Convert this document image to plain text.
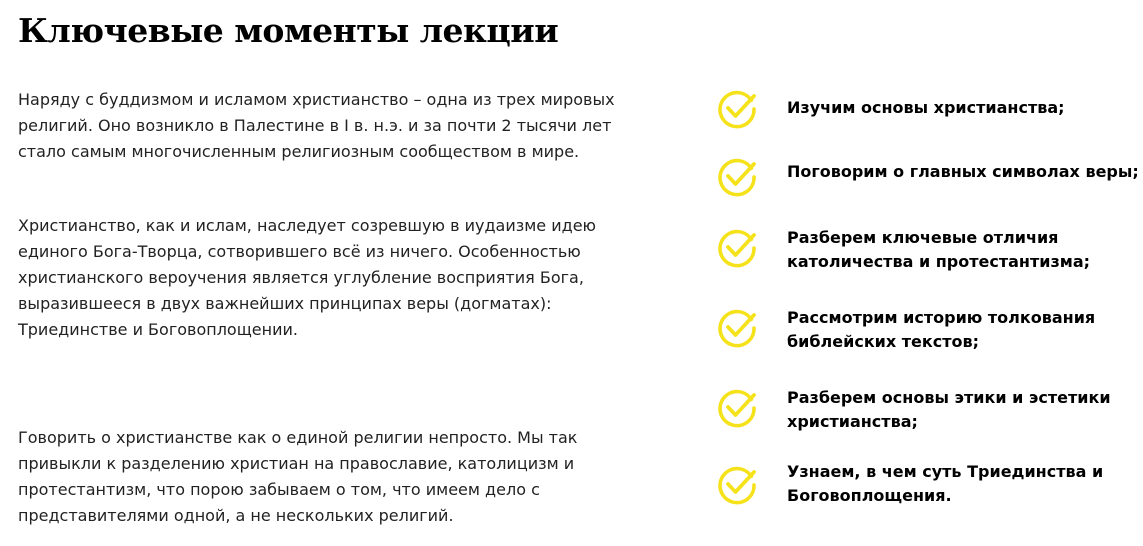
Ключевые моменты лекции

Наряду с буддизмом и исламом христианство – одна из трех мировых
религий. Оно возникло в Палестине в I в. н.э. и за почти 2 тысячи лет
стало самым многочисленным религиозным сообществом в мире.

Христианство, как и ислам, наследует созревшую в иудаизме идею
единого Бога-Творца, сотворившего всё из ничего. Особенностью
христианского вероучения является углубление восприятия Бога,
выразившееся в двух важнейших принципах веры (догматах):
Триединстве и Боговоплощении.

Говорить о христианстве как о единой религии непросто. Мы так
привыкли к разделению христиан на православие, католицизм и
протестантизм, что порою забываем о том, что имеем дело с
представителями одной, а не нескольких религий.

Изучим основы христианства;
Поговорим о главных символах веры;
Разберем ключевые отличия
католичества и протестантизма;
Рассмотрим историю толкования
библейских текстов;
Разберем основы этики и эстетики
христианства;
Узнаем, в чем суть Триединства и
Боговоплощения.
